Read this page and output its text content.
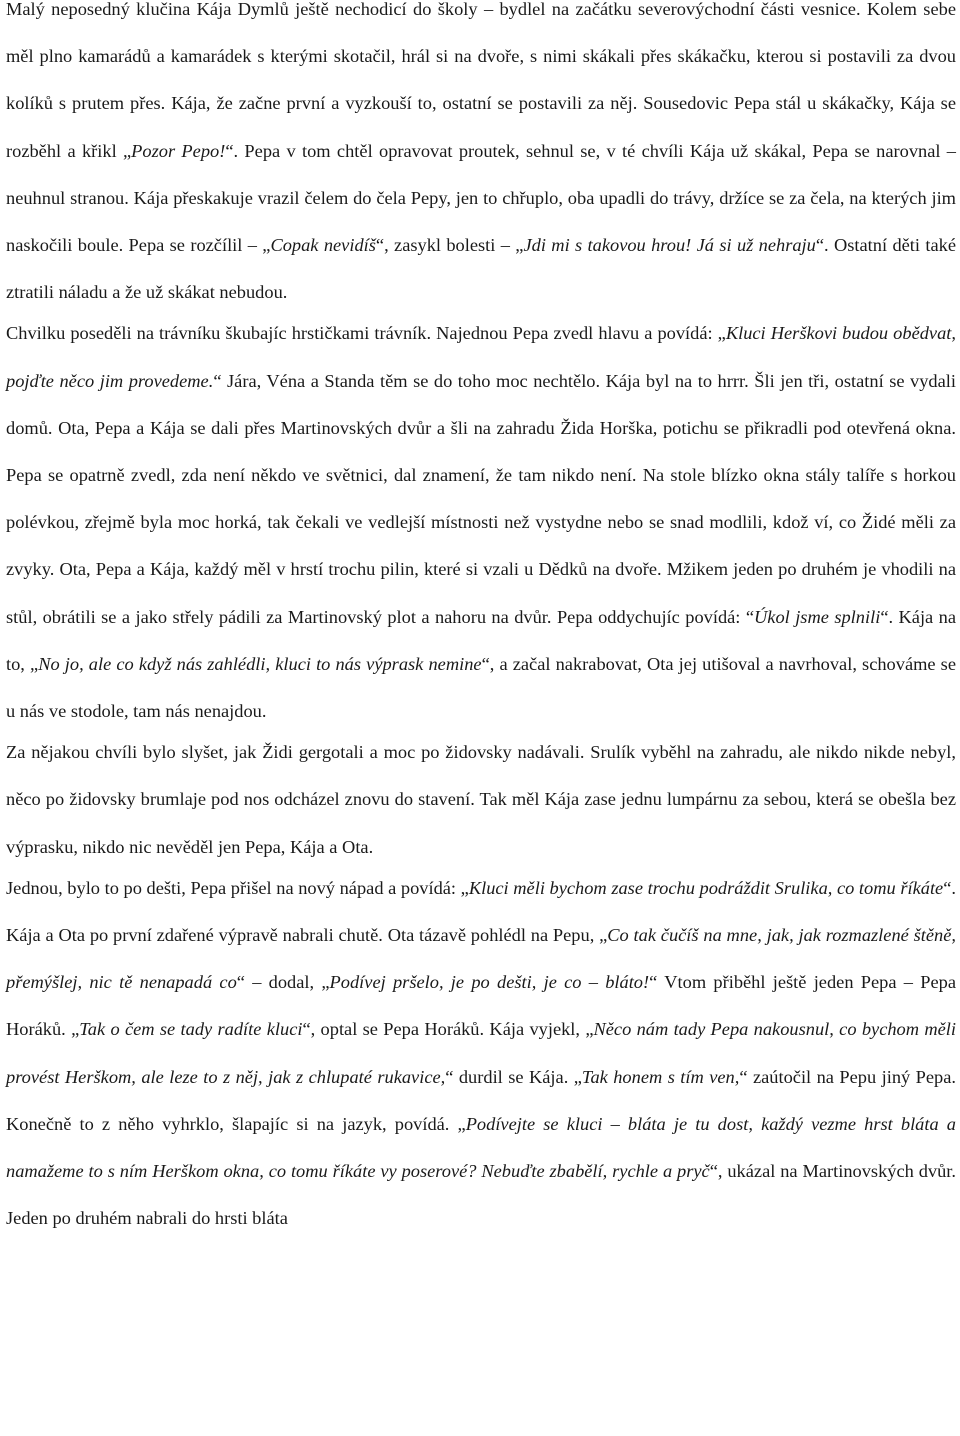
Malý neposedný klučina Kája Dymlů ještě nechodicí do školy – bydlel na začátku severovýchodní části vesnice. Kolem sebe měl plno kamarádů a kamarádek s kterými skotačil, hrál si na dvoře, s nimi skákali přes skákačku, kterou si postavili za dvou kolíků s prutem přes. Kája, že začne první a vyzkouší to, ostatní se postavili za něj. Sousedovic Pepa stál u skákačky, Kája se rozběhl a křikl „Pozor Pepo!“. Pepa v tom chtěl opravovat proutek, sehnul se, v té chvíli Kája už skákal, Pepa se narovnal – neuhnul stranou. Kája přeskakuje vrazil čelem do čela Pepy, jen to chřuplo, oba upadli do trávy, držíce se za čela, na kterých jim naskočili boule. Pepa se rozčílil – „Copak nevidíš“, zasykl bolesti – „Jdi mi s takovou hrou! Já si už nehraju“. Ostatní děti také ztratili náladu a že už skákat nebudou.

Chvilku poseděli na trávníku škubajíc hrstičkami trávník. Najednou Pepa zvedl hlavu a povídá: „Kluci Herškovi budou obědvat, pojďte něco jim provedeme.“ Jára, Véna a Standa těm se do toho moc nechtělo. Kája byl na to hrrr. Šli jen tři, ostatní se vydali domů. Ota, Pepa a Kája se dali přes Martinovských dvůr a šli na zahradu Žida Horška, potichu se přikradli pod otevřená okna. Pepa se opatrně zvedl, zda není někdo ve světnici, dal znamení, že tam nikdo není. Na stole blízko okna stály talíře s horkou polévkou, zřejmě byla moc horká, tak čekali ve vedlejší místnosti než vystydne nebo se snad modlili, kdož ví, co Židé měli za zvyky. Ota, Pepa a Kája, každý měl v hrstí trochu pilin, které si vzali u Dědků na dvoře. Mžikem jeden po druhém je vhodili na stůl, obrátili se a jako střely pádili za Martinovský plot a nahoru na dvůr. Pepa oddychujíc povídá: “Úkol jsme splnili“. Kája na to, „No jo, ale co když nás zahlédli, kluci to nás výprask nemine“, a začal nakrabovat, Ota jej utišoval a navrhoval, schováme se u nás ve stodole, tam nás nenajdou.

Za nějakou chvíli bylo slyšet, jak Židi gergotali a moc po židovsky nadávali. Srulík vyběhl na zahradu, ale nikdo nikde nebyl, něco po židovsky brumlaje pod nos odcházel znovu do stavení. Tak měl Kája zase jednu lumpárnu za sebou, která se obešla bez výprasku, nikdo nic nevěděl jen Pepa, Kája a Ota.

Jednou, bylo to po dešti, Pepa přišel na nový nápad a povídá: „Kluci měli bychom zase trochu podráždit Srulika, co tomu říkáte“. Kája a Ota po první zdařené výpravě nabrali chutě. Ota tázavě pohlédl na Pepu, „Co tak čučíš na mne, jak, jak rozmazlené štěně, přemýšlej, nic tě nenapadá co“ – dodal, „Podívej pršelo, je po dešti, je co – bláto!“ Vtom přiběhl ještě jeden Pepa – Pepa Horáků. „Tak o čem se tady radíte kluci“, optal se Pepa Horáků. Kája vyjekl, „Něco nám tady Pepa nakousnul, co bychom měli provést Herškom, ale leze to z něj, jak z chlupaté rukavice,“ durdil se Kája. „Tak honem s tím ven,“ zaútočil na Pepu jiný Pepa. Konečně to z něho vyhrklo, šlapajíc si na jazyk, povídá. „Podívejte se kluci – bláta je tu dost, každý vezme hrst bláta a namažeme to s ním Herškom okna, co tomu říkáte vy poserové? Nebuďte zbabělí, rychle a pryč“, ukázal na Martinovských dvůr. Jeden po druhém nabrali do hrsti bláta
